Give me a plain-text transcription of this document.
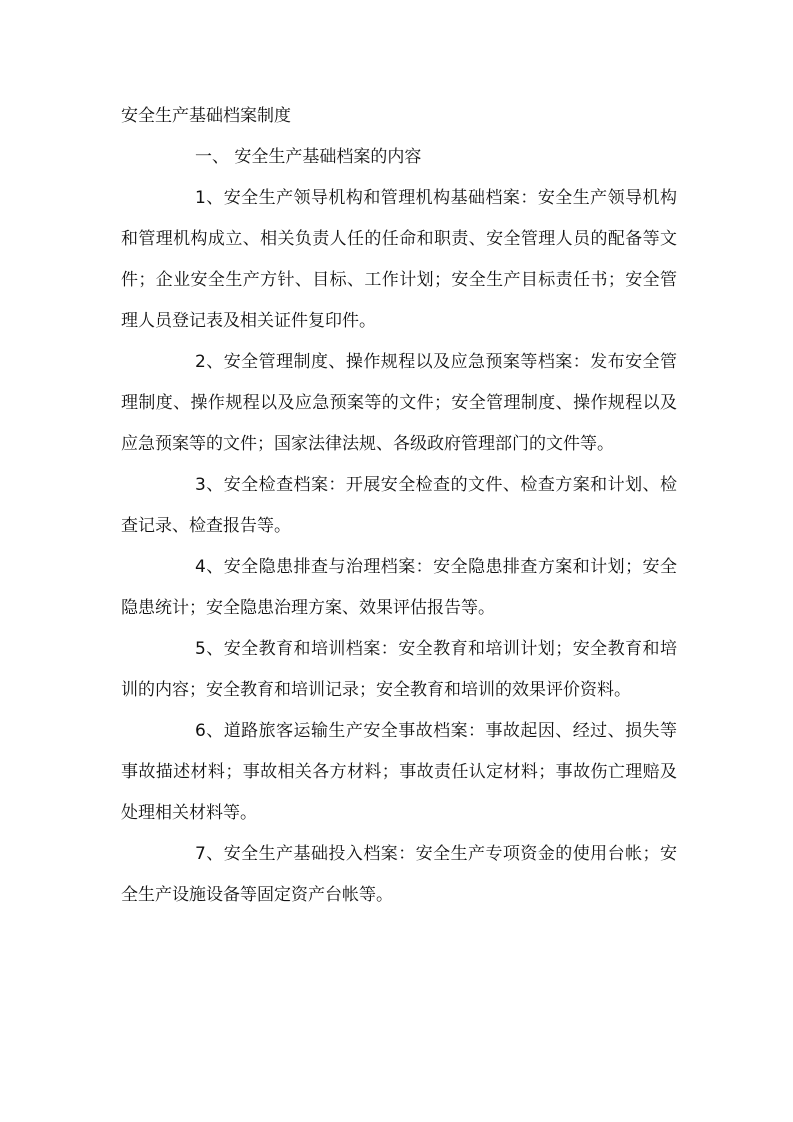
安全生产基础档案制度
一、 安全生产基础档案的内容

1、安全生产领导机构和管理机构基础档案：安全生产领导机构和管理机构成立、相关负责人任的任命和职责、安全管理人员的配备等文件；企业安全生产方针、目标、工作计划；安全生产目标责任书；安全管理人员登记表及相关证件复印件。

2、安全管理制度、操作规程以及应急预案等档案：发布安全管理制度、操作规程以及应急预案等的文件；安全管理制度、操作规程以及应急预案等的文件；国家法律法规、各级政府管理部门的文件等。

3、安全检查档案：开展安全检查的文件、检查方案和计划、检查记录、检查报告等。

4、安全隐患排查与治理档案：安全隐患排查方案和计划；安全隐患统计；安全隐患治理方案、效果评估报告等。

5、安全教育和培训档案：安全教育和培训计划；安全教育和培训的内容；安全教育和培训记录；安全教育和培训的效果评价资料。

6、道路旅客运输生产安全事故档案：事故起因、经过、损失等事故描述材料；事故相关各方材料；事故责任认定材料；事故伤亡理赔及处理相关材料等。

7、安全生产基础投入档案：安全生产专项资金的使用台帐；安全生产设施设备等固定资产台帐等。
